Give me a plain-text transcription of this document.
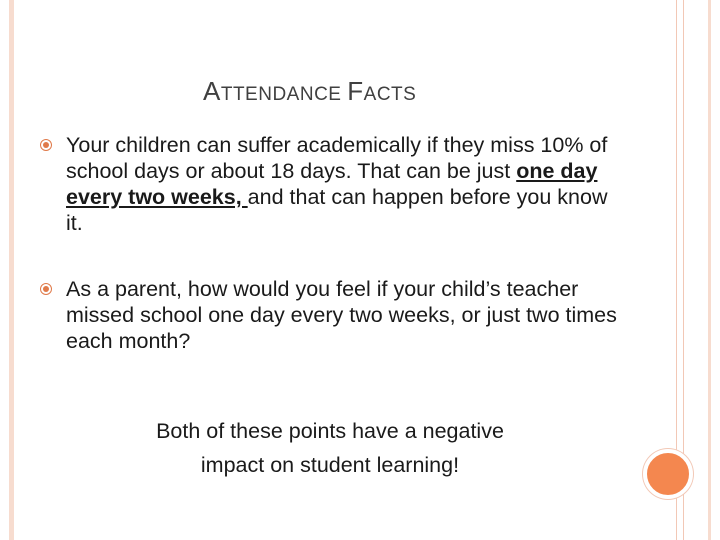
ATTENDANCE FACTS
Your children can suffer academically if they miss 10% of school days or about 18 days. That can be just one day every two weeks, and that can happen before you know it.
As a parent, how would you feel if your child’s teacher missed school one day every two weeks, or just two times each month?
Both of these points have a negative
impact on student learning!
